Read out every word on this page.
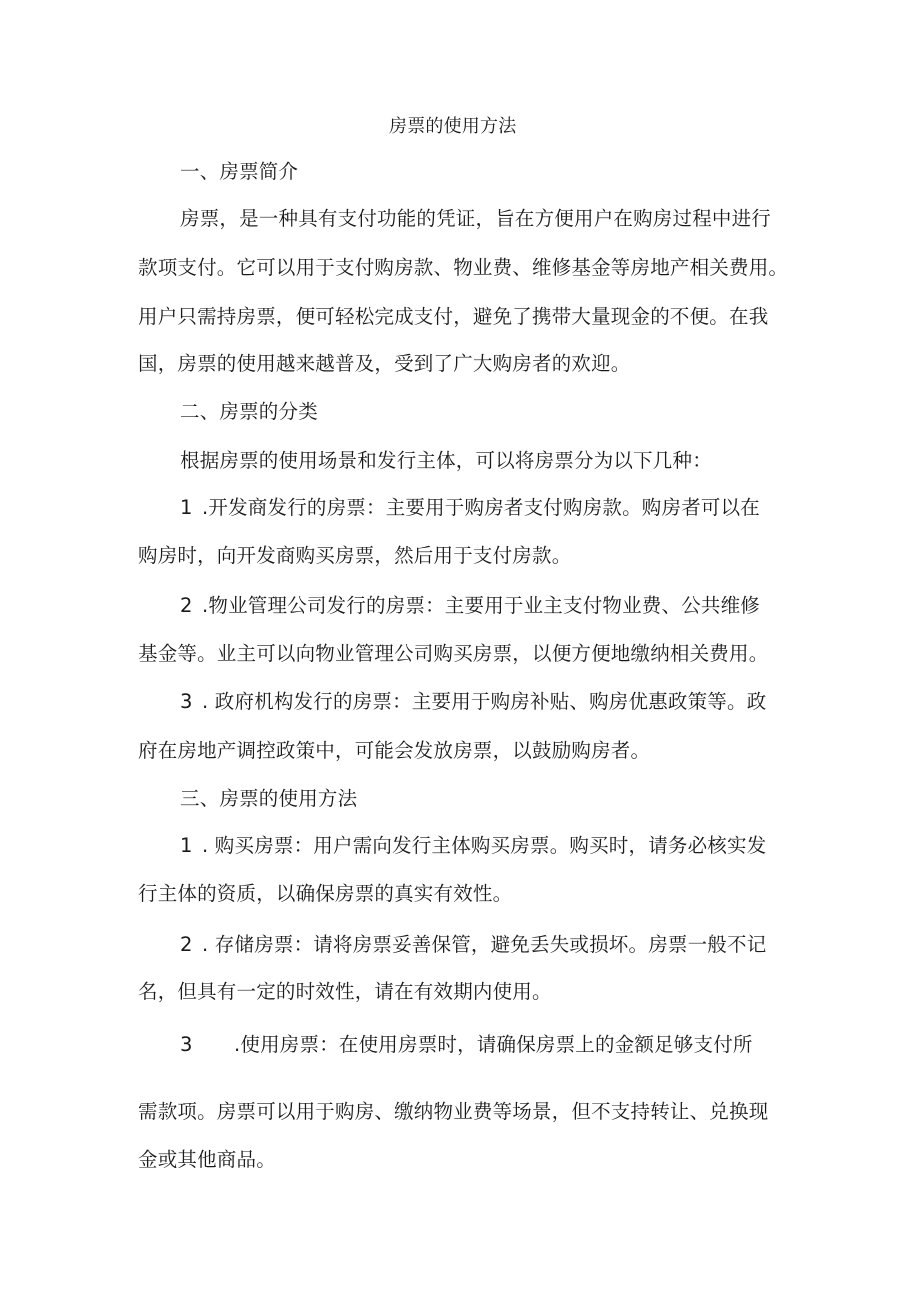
房票的使用方法
一、房票简介
房票，是一种具有支付功能的凭证，旨在方便用户在购房过程中进行
款项支付。它可以用于支付购房款、物业费、维修基金等房地产相关费用。
用户只需持房票，便可轻松完成支付，避免了携带大量现金的不便。在我
国，房票的使用越来越普及，受到了广大购房者的欢迎。
二、房票的分类
根据房票的使用场景和发行主体，可以将房票分为以下几种：
1 .开发商发行的房票：主要用于购房者支付购房款。购房者可以在
购房时，向开发商购买房票，然后用于支付房款。
2 .物业管理公司发行的房票：主要用于业主支付物业费、公共维修
基金等。业主可以向物业管理公司购买房票，以便方便地缴纳相关费用。
3 . 政府机构发行的房票：主要用于购房补贴、购房优惠政策等。政
府在房地产调控政策中，可能会发放房票，以鼓励购房者。
三、房票的使用方法
1 . 购买房票：用户需向发行主体购买房票。购买时，请务必核实发
行主体的资质，以确保房票的真实有效性。
2 . 存储房票：请将房票妥善保管，避免丢失或损坏。房票一般不记
名，但具有一定的时效性，请在有效期内使用。
3 .使用房票：在使用房票时，请确保房票上的金额足够支付所
需款项。房票可以用于购房、缴纳物业费等场景，但不支持转让、兑换现
金或其他商品。
